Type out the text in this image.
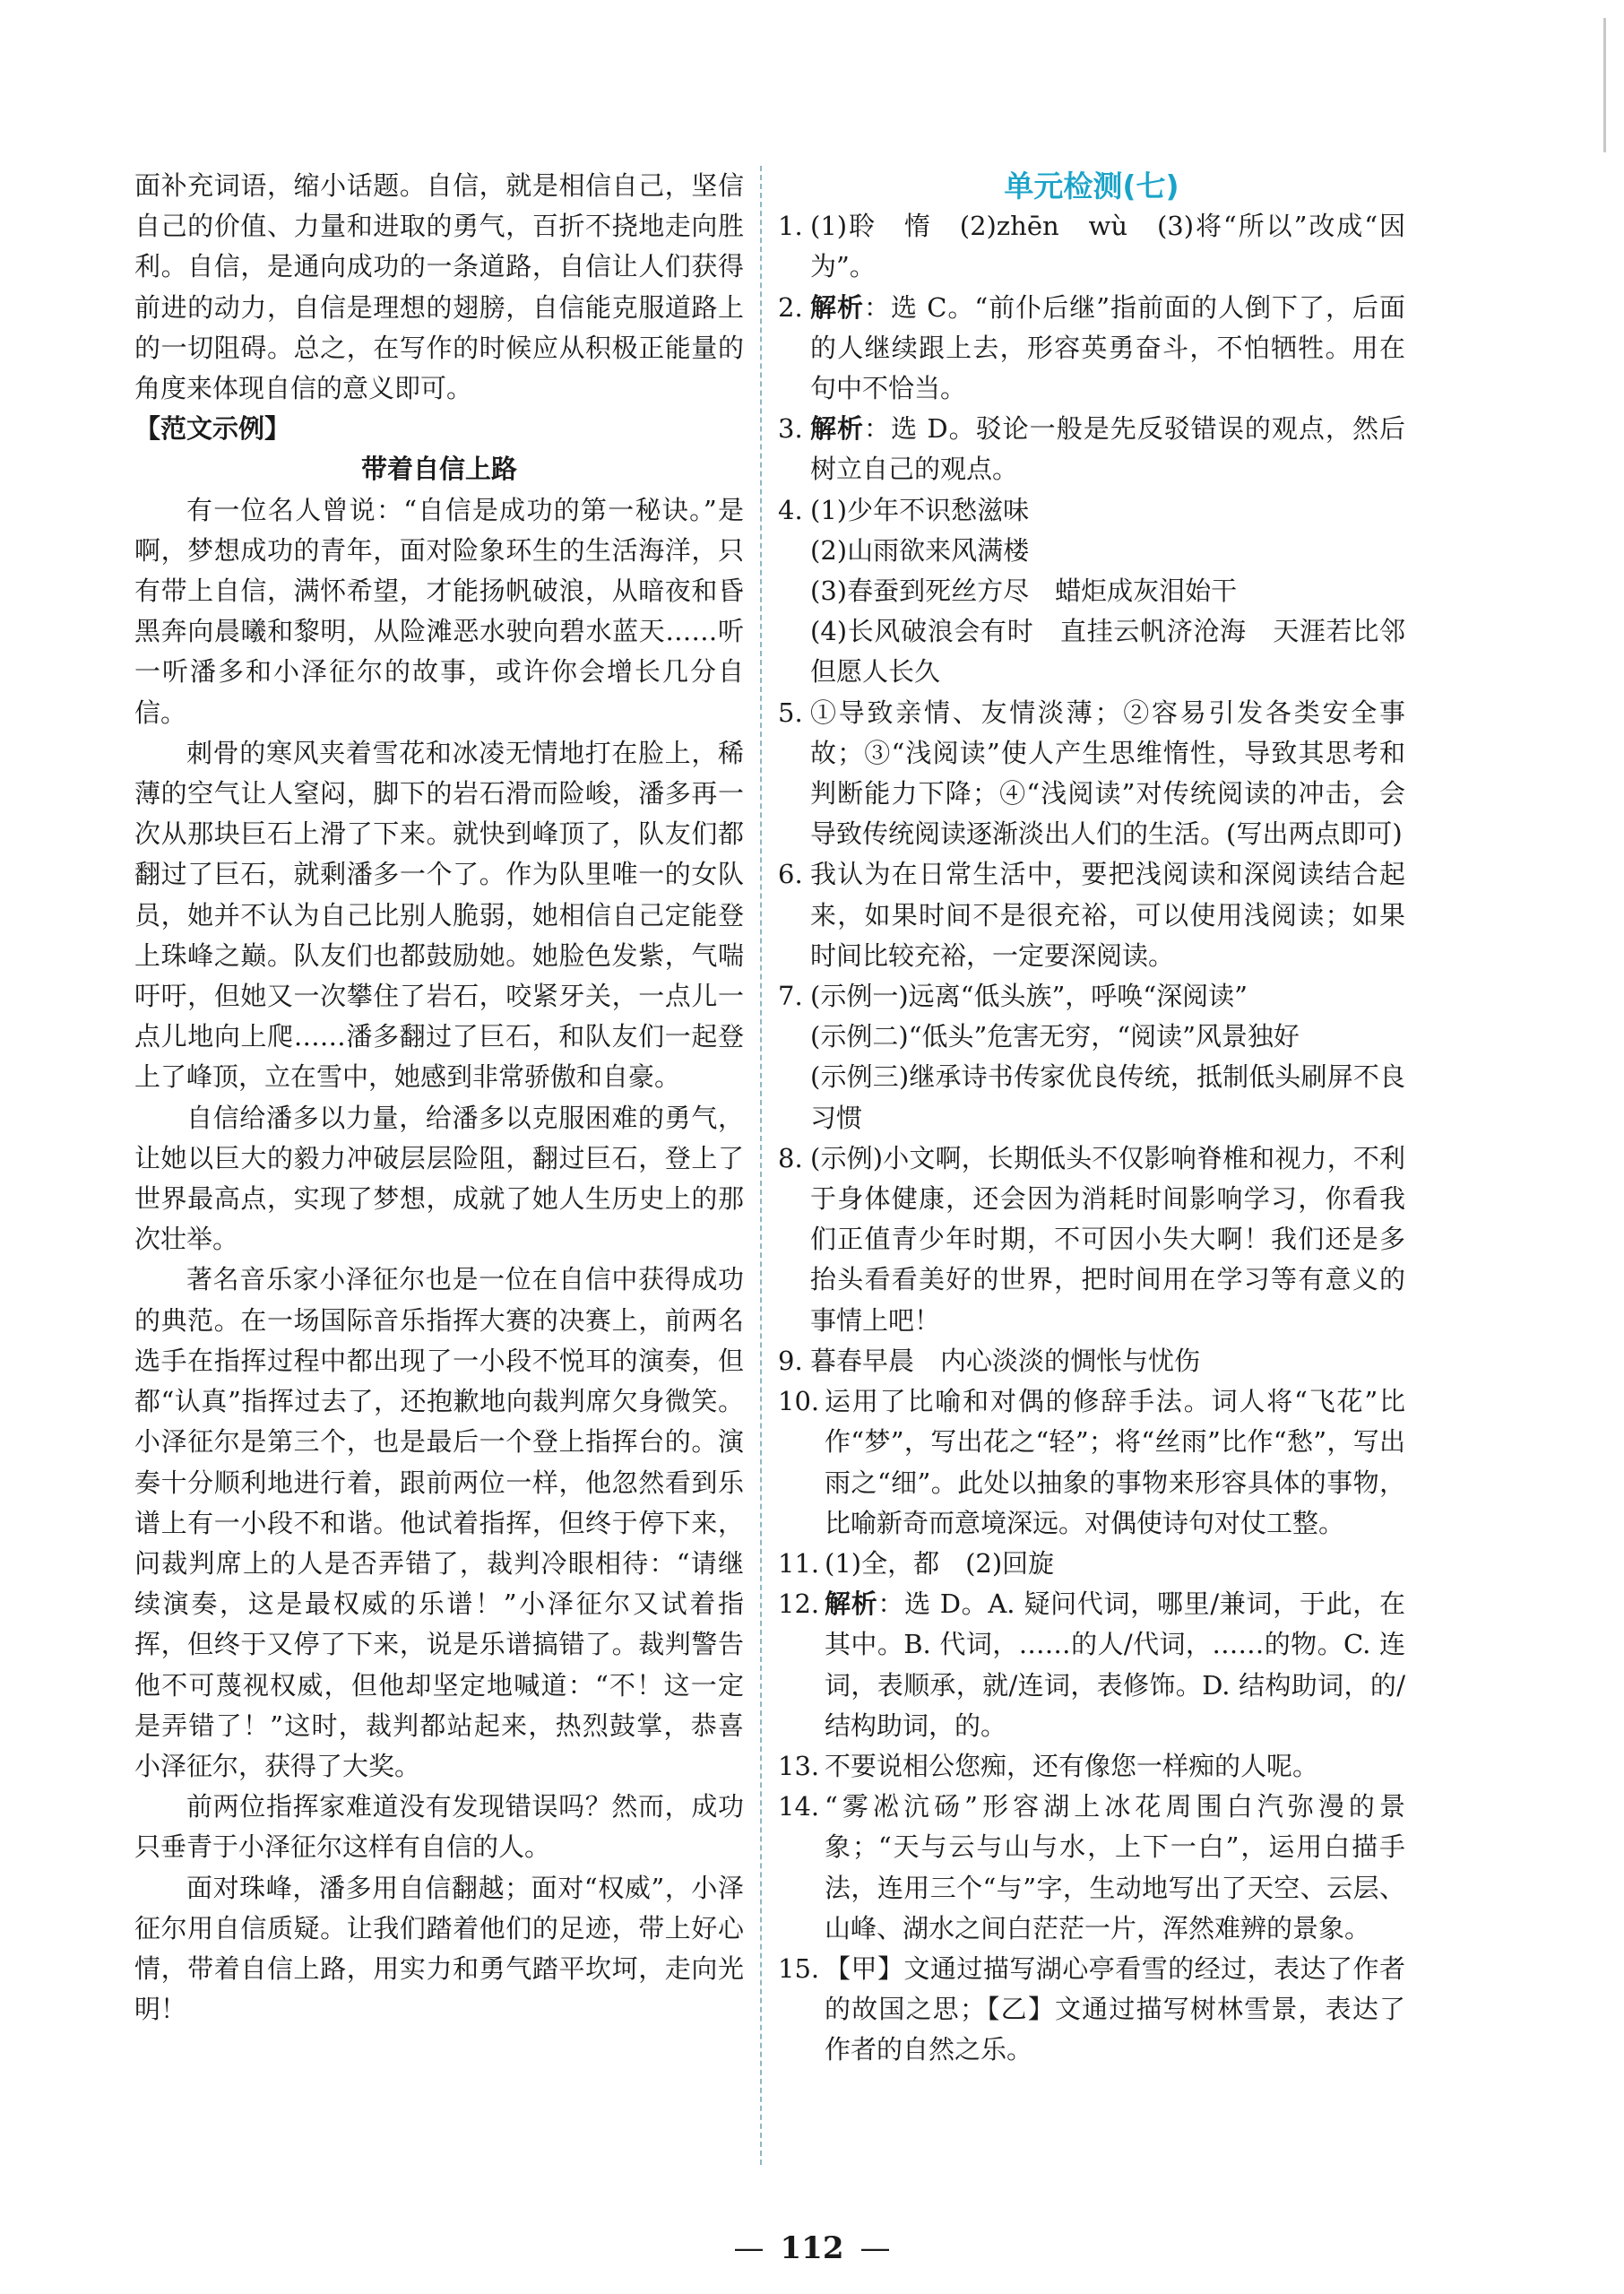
面补充词语，缩小话题。自信，就是相信自己，坚信自己的价值、力量和进取的勇气，百折不挠地走向胜利。自信，是通向成功的一条道路，自信让人们获得前进的动力，自信是理想的翅膀，自信能克服道路上的一切阻碍。总之，在写作的时候应从积极正能量的角度来体现自信的意义即可。

【范文示例】

带着自信上路

有一位名人曾说：“自信是成功的第一秘诀。”是啊，梦想成功的青年，面对险象环生的生活海洋，只有带上自信，满怀希望，才能扬帆破浪，从暗夜和昏黑奔向晨曦和黎明，从险滩恶水驶向碧水蓝天……听一听潘多和小泽征尔的故事，或许你会增长几分自信。

刺骨的寒风夹着雪花和冰凌无情地打在脸上，稀薄的空气让人窒闷，脚下的岩石滑而险峻，潘多再一次从那块巨石上滑了下来。就快到峰顶了，队友们都翻过了巨石，就剩潘多一个了。作为队里唯一的女队员，她并不认为自己比别人脆弱，她相信自己定能登上珠峰之巅。队友们也都鼓励她。她脸色发紫，气喘吁吁，但她又一次攀住了岩石，咬紧牙关，一点儿一点儿地向上爬……潘多翻过了巨石，和队友们一起登上了峰顶，立在雪中，她感到非常骄傲和自豪。

自信给潘多以力量，给潘多以克服困难的勇气，让她以巨大的毅力冲破层层险阻，翻过巨石，登上了世界最高点，实现了梦想，成就了她人生历史上的那次壮举。

著名音乐家小泽征尔也是一位在自信中获得成功的典范。在一场国际音乐指挥大赛的决赛上，前两名选手在指挥过程中都出现了一小段不悦耳的演奏，但都“认真”指挥过去了，还抱歉地向裁判席欠身微笑。小泽征尔是第三个，也是最后一个登上指挥台的。演奏十分顺利地进行着，跟前两位一样，他忽然看到乐谱上有一小段不和谐。他试着指挥，但终于停下来，问裁判席上的人是否弄错了，裁判冷眼相待：“请继续演奏，这是最权威的乐谱！”小泽征尔又试着指挥，但终于又停了下来，说是乐谱搞错了。裁判警告他不可蔑视权威，但他却坚定地喊道：“不！这一定是弄错了！”这时，裁判都站起来，热烈鼓掌，恭喜小泽征尔，获得了大奖。

前两位指挥家难道没有发现错误吗？然而，成功只垂青于小泽征尔这样有自信的人。

面对珠峰，潘多用自信翻越；面对“权威”，小泽征尔用自信质疑。让我们踏着他们的足迹，带上好心情，带着自信上路，用实力和勇气踏平坎坷，走向光明！

单元检测(七)

1. (1)聆　惰　(2)zhēn　wù　(3)将“所以”改成“因为”。
2. 解析：选 C。“前仆后继”指前面的人倒下了，后面的人继续跟上去，形容英勇奋斗，不怕牺牲。用在句中不恰当。
3. 解析：选 D。驳论一般是先反驳错误的观点，然后树立自己的观点。
4. (1)少年不识愁滋味
(2)山雨欲来风满楼
(3)春蚕到死丝方尽　蜡炬成灰泪始干
(4)长风破浪会有时　直挂云帆济沧海　天涯若比邻　但愿人长久
5. ①导致亲情、友情淡薄；②容易引发各类安全事故；③“浅阅读”使人产生思维惰性，导致其思考和判断能力下降；④“浅阅读”对传统阅读的冲击，会导致传统阅读逐渐淡出人们的生活。(写出两点即可)
6. 我认为在日常生活中，要把浅阅读和深阅读结合起来，如果时间不是很充裕，可以使用浅阅读；如果时间比较充裕，一定要深阅读。
7. (示例一)远离“低头族”，呼唤“深阅读”
(示例二)“低头”危害无穷，“阅读”风景独好
(示例三)继承诗书传家优良传统，抵制低头刷屏不良习惯
8. (示例)小文啊，长期低头不仅影响脊椎和视力，不利于身体健康，还会因为消耗时间影响学习，你看我们正值青少年时期，不可因小失大啊！我们还是多抬头看看美好的世界，把时间用在学习等有意义的事情上吧！
9. 暮春早晨　内心淡淡的惆怅与忧伤
10. 运用了比喻和对偶的修辞手法。词人将“飞花”比作“梦”，写出花之“轻”；将“丝雨”比作“愁”，写出雨之“细”。此处以抽象的事物来形容具体的事物，比喻新奇而意境深远。对偶使诗句对仗工整。
11. (1)全，都　(2)回旋
12. 解析：选 D。A. 疑问代词，哪里/兼词，于此，在其中。B. 代词，……的人/代词，……的物。C. 连词，表顺承，就/连词，表修饰。D. 结构助词，的/结构助词，的。
13. 不要说相公您痴，还有像您一样痴的人呢。
14. “雾凇沆砀”形容湖上冰花周围白汽弥漫的景象；“天与云与山与水，上下一白”，运用白描手法，连用三个“与”字，生动地写出了天空、云层、山峰、湖水之间白茫茫一片，浑然难辨的景象。
15. 【甲】文通过描写湖心亭看雪的经过，表达了作者的故国之思；【乙】文通过描写树林雪景，表达了作者的自然之乐。
— 112 —
